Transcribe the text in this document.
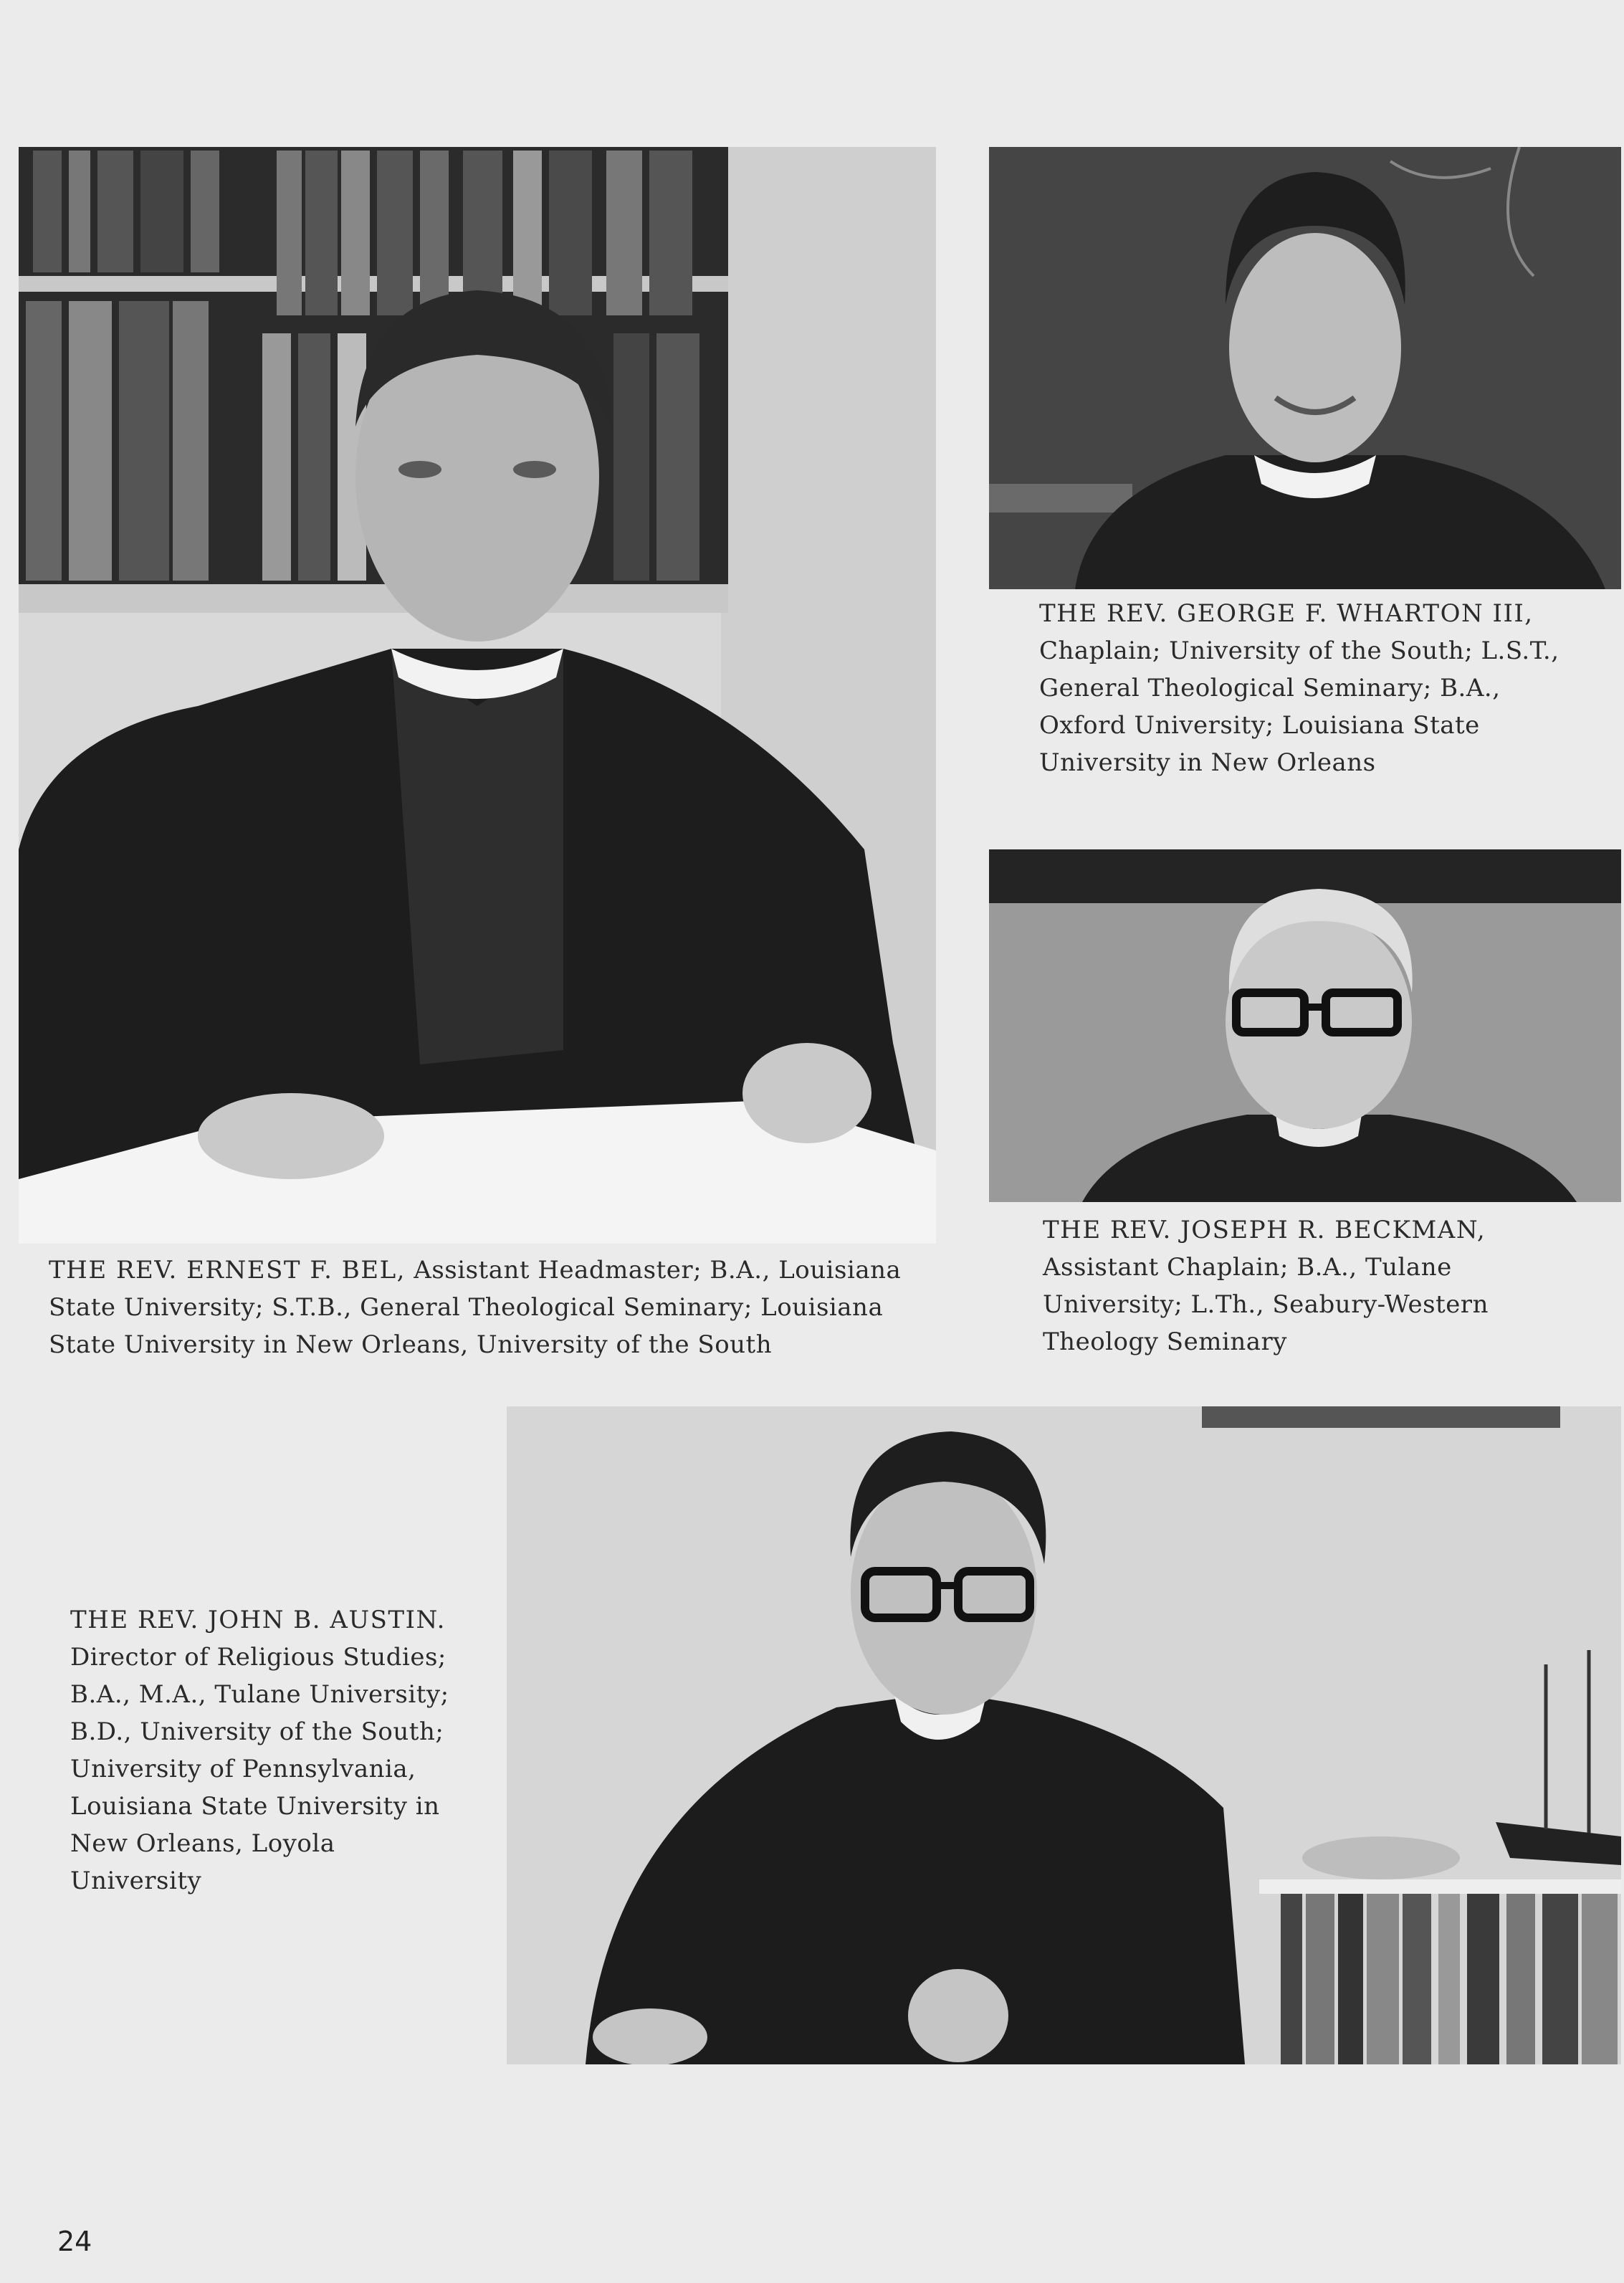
THE REV. ERNEST F. BEL, Assistant Headmaster; B.A., Louisiana State University; S.T.B., General Theological Seminary; Louisiana State University in New Orleans, University of the South

THE REV. GEORGE F. WHARTON III, Chaplain; University of the South; L.S.T., General Theological Seminary; B.A., Oxford University; Louisiana State University in New Orleans

THE REV. JOSEPH R. BECKMAN, Assistant Chaplain; B.A., Tulane University; L.Th., Seabury-Western Theology Seminary

THE REV. JOHN B. AUSTIN. Director of Religious Studies; B.A., M.A., Tulane University; B.D., University of the South; University of Pennsylvania, Louisiana State University in New Orleans, Loyola University

24
